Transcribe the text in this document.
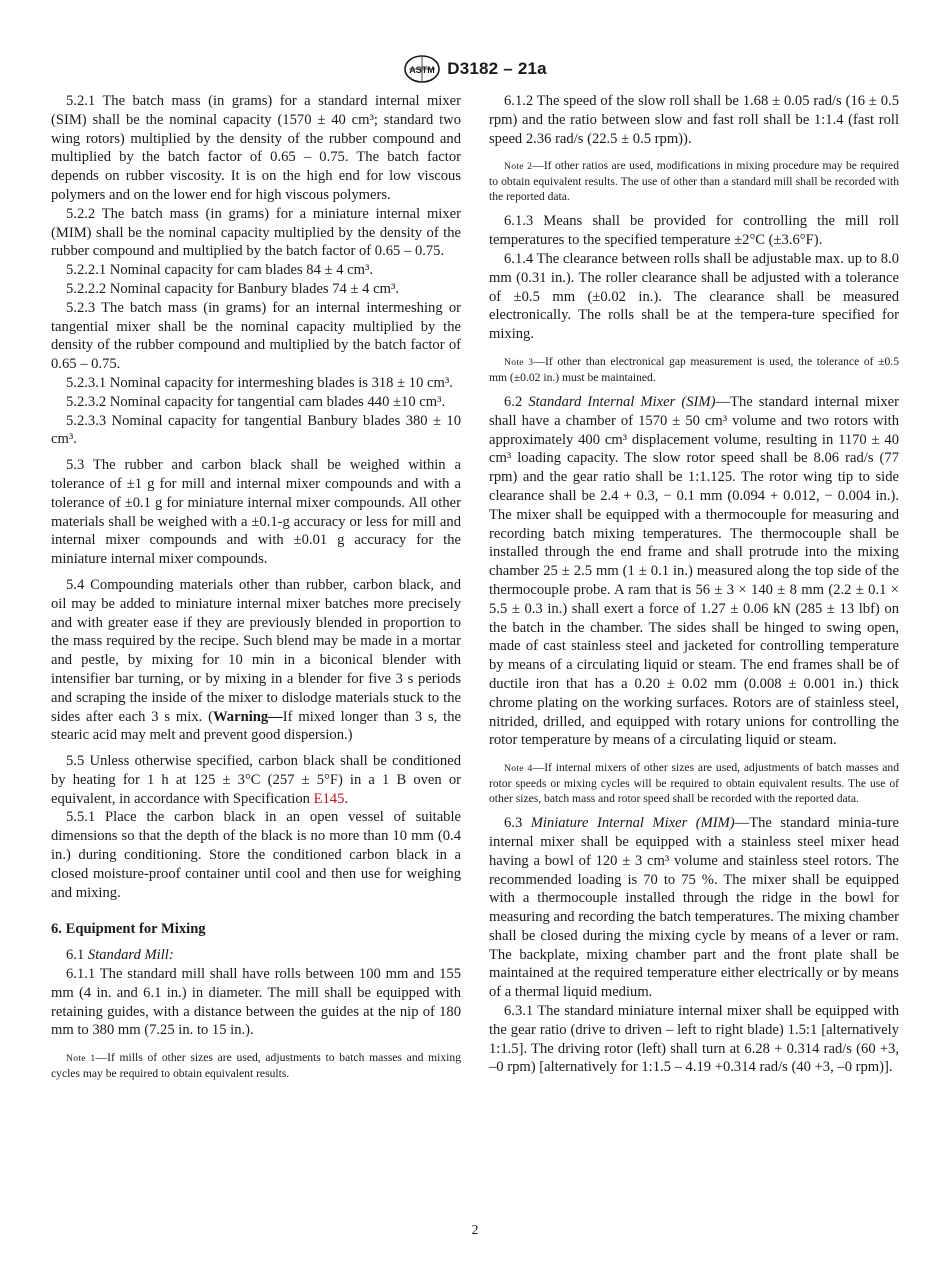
ASTM D3182 – 21a

5.2.1 The batch mass (in grams) for a standard internal mixer (SIM) shall be the nominal capacity (1570 ± 40 cm³; standard two wing rotors) multiplied by the density of the rubber compound and multiplied by the batch factor of 0.65 – 0.75. The batch factor depends on rubber viscosity. It is on the high end for low viscous polymers and on the lower end for high viscous polymers.

5.2.2 The batch mass (in grams) for a miniature internal mixer (MIM) shall be the nominal capacity multiplied by the density of the rubber compound and multiplied by the batch factor of 0.65 – 0.75.

5.2.2.1 Nominal capacity for cam blades 84 ± 4 cm³.

5.2.2.2 Nominal capacity for Banbury blades 74 ± 4 cm³.

5.2.3 The batch mass (in grams) for an internal intermeshing or tangential mixer shall be the nominal capacity multiplied by the density of the rubber compound and multiplied by the batch factor of 0.65 – 0.75.

5.2.3.1 Nominal capacity for intermeshing blades is 318 ± 10 cm³.

5.2.3.2 Nominal capacity for tangential cam blades 440 ±10 cm³.

5.2.3.3 Nominal capacity for tangential Banbury blades 380 ± 10 cm³.

5.3 The rubber and carbon black shall be weighed within a tolerance of ±1 g for mill and internal mixer compounds and with a tolerance of ±0.1 g for miniature internal mixer compounds. All other materials shall be weighed with a ±0.1-g accuracy or less for mill and internal mixer compounds and with ±0.01 g accuracy for the miniature internal mixer compounds.

5.4 Compounding materials other than rubber, carbon black, and oil may be added to miniature internal mixer batches more precisely and with greater ease if they are previously blended in proportion to the mass required by the recipe. Such blend may be made in a mortar and pestle, by mixing for 10 min in a biconical blender with intensifier bar turning, or by mixing in a blender for five 3 s periods and scraping the inside of the mixer to dislodge materials stuck to the sides after each 3 s mix. (Warning—If mixed longer than 3 s, the stearic acid may melt and prevent good dispersion.)

5.5 Unless otherwise specified, carbon black shall be conditioned by heating for 1 h at 125 ± 3°C (257 ± 5°F) in a 1 B oven or equivalent, in accordance with Specification E145.

5.5.1 Place the carbon black in an open vessel of suitable dimensions so that the depth of the black is no more than 10 mm (0.4 in.) during conditioning. Store the conditioned carbon black in a closed moisture-proof container until cool and then use for weighing and mixing.

6. Equipment for Mixing

6.1 Standard Mill:

6.1.1 The standard mill shall have rolls between 100 mm and 155 mm (4 in. and 6.1 in.) in diameter. The mill shall be equipped with retaining guides, with a distance between the guides at the nip of 180 mm to 380 mm (7.25 in. to 15 in.).

Note 1—If mills of other sizes are used, adjustments to batch masses and mixing cycles may be required to obtain equivalent results.

6.1.2 The speed of the slow roll shall be 1.68 ± 0.05 rad/s (16 ± 0.5 rpm) and the ratio between slow and fast roll shall be 1:1.4 (fast roll speed 2.36 rad/s (22.5 ± 0.5 rpm)).

Note 2—If other ratios are used, modifications in mixing procedure may be required to obtain equivalent results. The use of other than a standard mill shall be recorded with the reported data.

6.1.3 Means shall be provided for controlling the mill roll temperatures to the specified temperature ±2°C (±3.6°F).

6.1.4 The clearance between rolls shall be adjustable max. up to 8.0 mm (0.31 in.). The roller clearance shall be adjusted with a tolerance of ±0.5 mm (±0.02 in.). The clearance shall be measured electronically. The rolls shall be at the tempera-ture specified for mixing.

Note 3—If other than electronical gap measurement is used, the tolerance of ±0.5 mm (±0.02 in.) must be maintained.

6.2 Standard Internal Mixer (SIM)—The standard internal mixer shall have a chamber of 1570 ± 50 cm³ volume and two rotors with approximately 400 cm³ displacement volume, resulting in 1170 ± 40 cm³ loading capacity. The slow rotor speed shall be 8.06 rad/s (77 rpm) and the gear ratio shall be 1:1.125. The rotor wing tip to side clearance shall be 2.4 + 0.3, − 0.1 mm (0.094 + 0.012, − 0.004 in.). The mixer shall be equipped with a thermocouple for measuring and recording batch mixing temperatures. The thermocouple shall be installed through the end frame and shall protrude into the mixing chamber 25 ± 2.5 mm (1 ± 0.1 in.) measured along the top side of the thermocouple probe. A ram that is 56 ± 3 × 140 ± 8 mm (2.2 ± 0.1 × 5.5 ± 0.3 in.) shall exert a force of 1.27 ± 0.06 kN (285 ± 13 lbf) on the batch in the chamber. The sides shall be hinged to swing open, made of cast stainless steel and jacketed for controlling temperature by means of a circulating liquid or steam. The end frames shall be of ductile iron that has a 0.20 ± 0.02 mm (0.008 ± 0.001 in.) thick chrome plating on the working surfaces. Rotors are of stainless steel, nitrided, drilled, and equipped with rotary unions for controlling the rotor temperature by means of a circulating liquid or steam.

Note 4—If internal mixers of other sizes are used, adjustments of batch masses and rotor speeds or mixing cycles will be required to obtain equivalent results. The use of other sizes, batch mass and rotor speed shall be recorded with the reported data.

6.3 Miniature Internal Mixer (MIM)—The standard minia-ture internal mixer shall be equipped with a stainless steel mixer head having a bowl of 120 ± 3 cm³ volume and stainless steel rotors. The recommended loading is 70 to 75 %. The mixer shall be equipped with a thermocouple installed through the ridge in the bowl for measuring and recording the batch temperatures. The mixing chamber shall be closed during the mixing cycle by means of a lever or ram. The backplate, mixing chamber part and the front plate shall be maintained at the required temperature either electrically or by means of a thermal liquid medium.

6.3.1 The standard miniature internal mixer shall be equipped with the gear ratio (drive to driven – left to right blade) 1.5:1 [alternatively 1:1.5]. The driving rotor (left) shall turn at 6.28 + 0.314 rad/s (60 +3, –0 rpm) [alternatively for 1:1.5 – 4.19 +0.314 rad/s (40 +3, –0 rpm)].

2
